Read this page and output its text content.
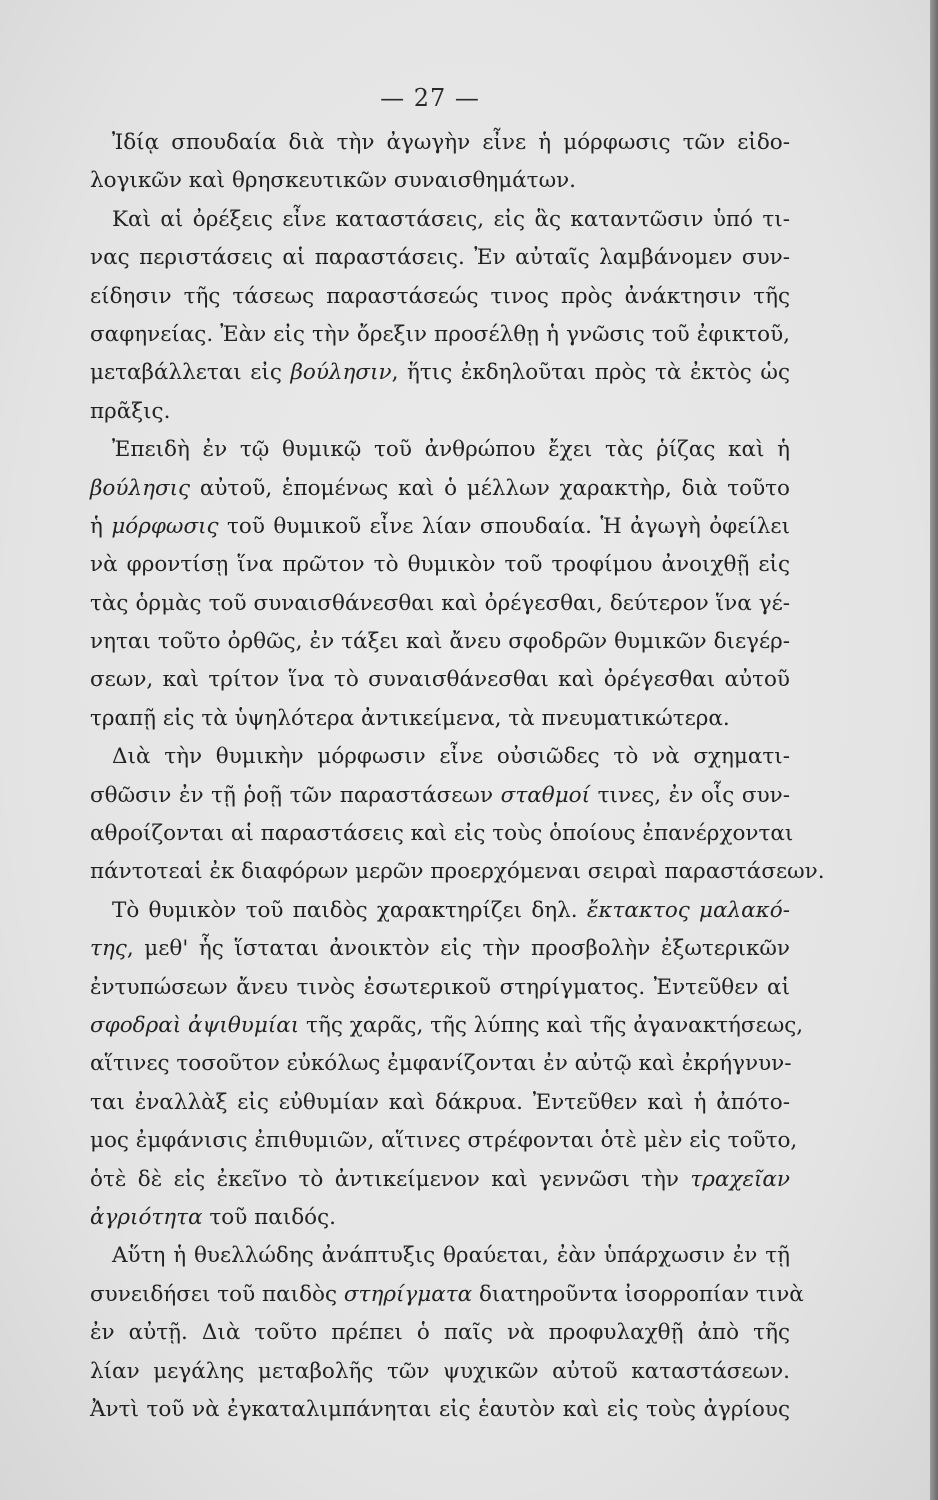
— 27 —
Ἰδίᾳ σπουδαία διὰ τὴν ἀγωγὴν εἶνε ἡ μόρφωσις τῶν εἰδο-
λογικῶν καὶ θρησκευτικῶν συναισθημάτων.
Καὶ αἱ ὀρέξεις εἶνε καταστάσεις, εἰς ἃς καταντῶσιν ὑπό τι-
νας περιστάσεις αἱ παραστάσεις. Ἐν αὐταῖς λαμβάνομεν συν-
είδησιν τῆς τάσεως παραστάσεώς τινος πρὸς ἀνάκτησιν τῆς
σαφηνείας. Ἐὰν εἰς τὴν ὄρεξιν προσέλθῃ ἡ γνῶσις τοῦ ἐφικτοῦ,
μεταβάλλεται εἰς βούλησιν, ἥτις ἐκδηλοῦται πρὸς τὰ ἐκτὸς ὡς
πρᾶξις.
Ἐπειδὴ ἐν τῷ θυμικῷ τοῦ ἀνθρώπου ἔχει τὰς ῥίζας καὶ ἡ
βούλησις αὐτοῦ, ἑπομένως καὶ ὁ μέλλων χαρακτὴρ, διὰ τοῦτο
ἡ μόρφωσις τοῦ θυμικοῦ εἶνε λίαν σπουδαία. Ἡ ἀγωγὴ ὀφείλει
νὰ φροντίσῃ ἵνα πρῶτον τὸ θυμικὸν τοῦ τροφίμου ἀνοιχθῇ εἰς
τὰς ὁρμὰς τοῦ συναισθάνεσθαι καὶ ὀρέγεσθαι, δεύτερον ἵνα γέ-
νηται τοῦτο ὀρθῶς, ἐν τάξει καὶ ἄνευ σφοδρῶν θυμικῶν διεγέρ-
σεων, καὶ τρίτον ἵνα τὸ συναισθάνεσθαι καὶ ὀρέγεσθαι αὐτοῦ
τραπῇ εἰς τὰ ὑψηλότερα ἀντικείμενα, τὰ πνευματικώτερα.
Διὰ τὴν θυμικὴν μόρφωσιν εἶνε οὐσιῶδες τὸ νὰ σχηματι-
σθῶσιν ἐν τῇ ῥοῇ τῶν παραστάσεων σταθμοί τινες, ἐν οἷς συν-
αθροίζονται αἱ παραστάσεις καὶ εἰς τοὺς ὁποίους ἐπανέρχονται
πάντοτεαἱ ἐκ διαφόρων μερῶν προερχόμεναι σειραὶ παραστάσεων.
Τὸ θυμικὸν τοῦ παιδὸς χαρακτηρίζει δηλ. ἔκτακτος μαλακό-
της, μεθ' ἧς ἵσταται ἀνοικτὸν εἰς τὴν προσβολὴν ἐξωτερικῶν
ἐντυπώσεων ἄνευ τινὸς ἐσωτερικοῦ στηρίγματος. Ἐντεῦθεν αἱ
σφοδραὶ ἀψιθυμίαι τῆς χαρᾶς, τῆς λύπης καὶ τῆς ἀγανακτήσεως,
αἵτινες τοσοῦτον εὐκόλως ἐμφανίζονται ἐν αὐτῷ καὶ ἐκρήγνυν-
ται ἐναλλὰξ εἰς εὐθυμίαν καὶ δάκρυα. Ἐντεῦθεν καὶ ἡ ἀπότο-
μος ἐμφάνισις ἐπιθυμιῶν, αἵτινες στρέφονται ὁτὲ μὲν εἰς τοῦτο,
ὁτὲ δὲ εἰς ἐκεῖνο τὸ ἀντικείμενον καὶ γεννῶσι τὴν τραχεῖαν
ἀγριότητα τοῦ παιδός.
Αὕτη ἡ θυελλώδης ἀνάπτυξις θραύεται, ἐὰν ὑπάρχωσιν ἐν τῇ
συνειδήσει τοῦ παιδὸς στηρίγματα διατηροῦντα ἰσορροπίαν τινὰ
ἐν αὐτῇ. Διὰ τοῦτο πρέπει ὁ παῖς νὰ προφυλαχθῇ ἀπὸ τῆς
λίαν μεγάλης μεταβολῆς τῶν ψυχικῶν αὐτοῦ καταστάσεων.
Ἀντὶ τοῦ νὰ ἐγκαταλιμπάνηται εἰς ἑαυτὸν καὶ εἰς τοὺς ἀγρίους
